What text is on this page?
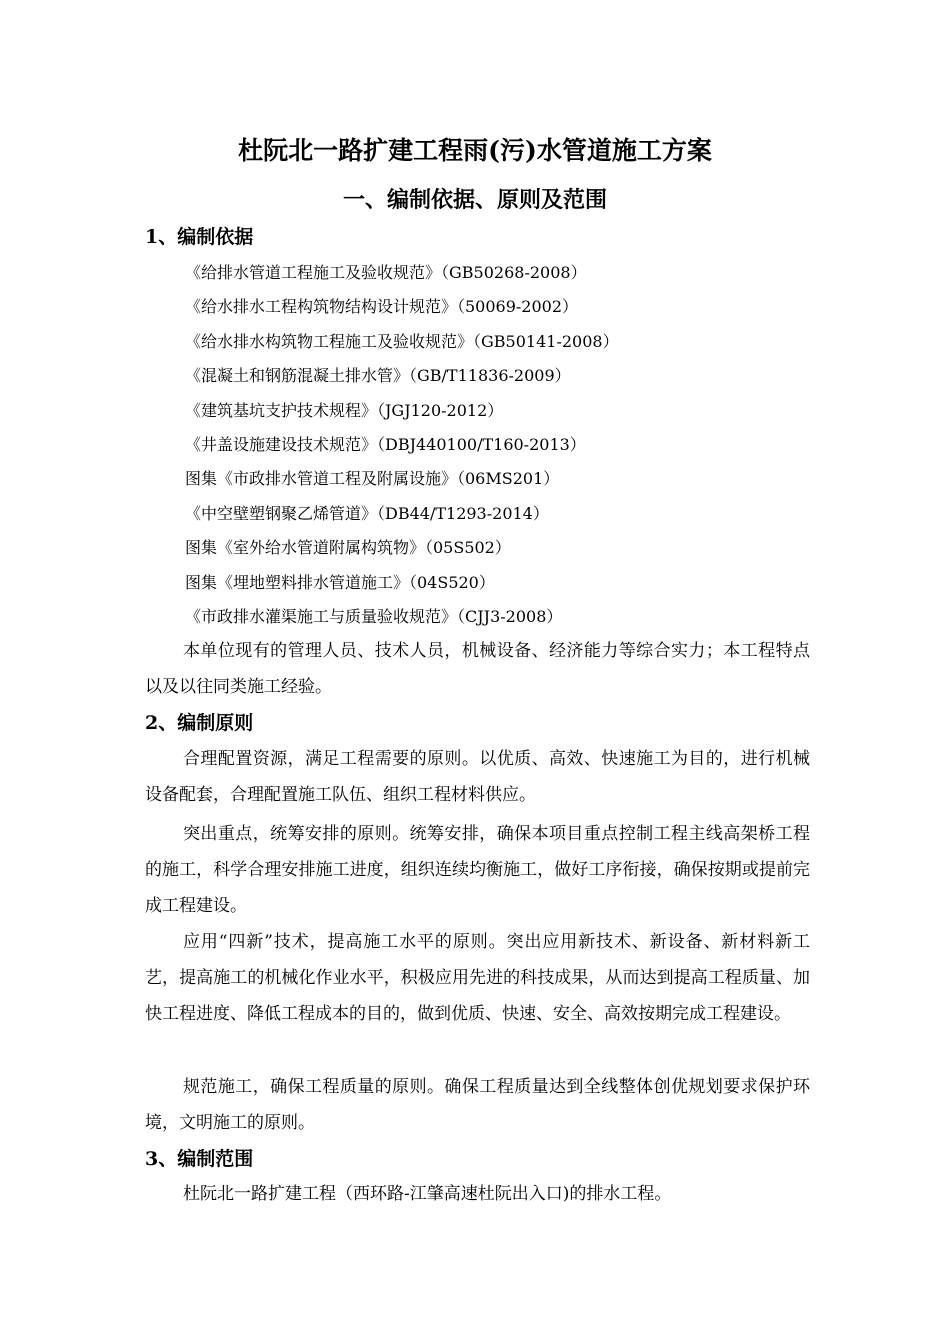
杜阮北一路扩建工程雨(污)水管道施工方案
一、编制依据、原则及范围
1、编制依据
《给排水管道工程施工及验收规范》（GB50268-2008）
《给水排水工程构筑物结构设计规范》（50069-2002）
《给水排水构筑物工程施工及验收规范》（GB50141-2008）
《混凝土和钢筋混凝土排水管》（GB/T11836-2009）
《建筑基坑支护技术规程》（JGJ120-2012）
《井盖设施建设技术规范》（DBJ440100/T160-2013）
图集《市政排水管道工程及附属设施》（06MS201）
《中空壁塑钢聚乙烯管道》（DB44/T1293-2014）
图集《室外给水管道附属构筑物》（05S502）
图集《埋地塑料排水管道施工》（04S520）
《市政排水灌渠施工与质量验收规范》（CJJ3-2008）

本单位现有的管理人员、技术人员，机械设备、经济能力等综合实力；本工程特点以及以往同类施工经验。

2、编制原则

合理配置资源，满足工程需要的原则。以优质、高效、快速施工为目的，进行机械设备配套，合理配置施工队伍、组织工程材料供应。

突出重点，统筹安排的原则。统筹安排，确保本项目重点控制工程主线高架桥工程的施工，科学合理安排施工进度，组织连续均衡施工，做好工序衔接，确保按期或提前完成工程建设。

应用“四新”技术，提高施工水平的原则。突出应用新技术、新设备、新材料新工艺，提高施工的机械化作业水平，积极应用先进的科技成果，从而达到提高工程质量、加快工程进度、降低工程成本的目的，做到优质、快速、安全、高效按期完成工程建设。

规范施工，确保工程质量的原则。确保工程质量达到全线整体创优规划要求保护环境，文明施工的原则。

3、编制范围

杜阮北一路扩建工程（西环路-江肇高速杜阮出入口)的排水工程。
